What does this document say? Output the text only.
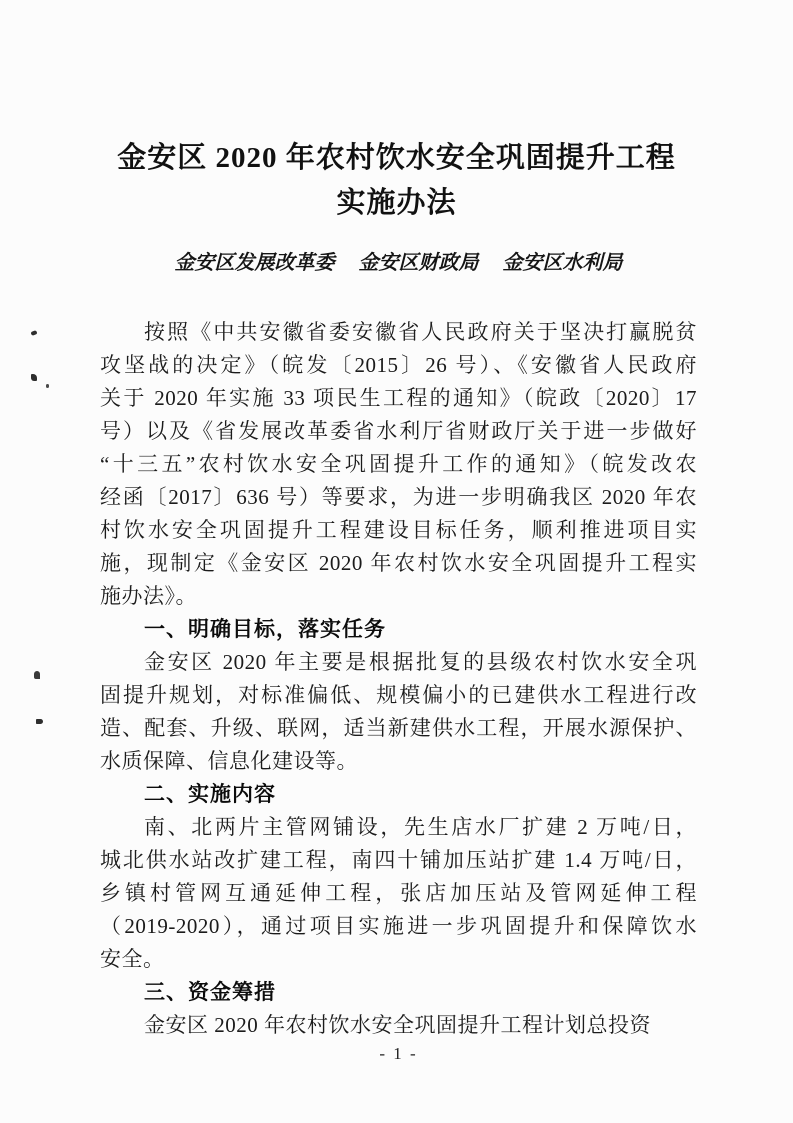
金安区 2020 年农村饮水安全巩固提升工程
实施办法
金安区发展改革委 金安区财政局 金安区水利局
按照《中共安徽省委安徽省人民政府关于坚决打赢脱贫
攻坚战的决定》（皖发〔2015〕26 号）、《安徽省人民政府
关于 2020 年实施 33 项民生工程的通知》（皖政〔2020〕17
号）以及《省发展改革委省水利厅省财政厅关于进一步做好
“十三五”农村饮水安全巩固提升工作的通知》（皖发改农
经函〔2017〕636 号）等要求，为进一步明确我区 2020 年农
村饮水安全巩固提升工程建设目标任务，顺利推进项目实
施，现制定《金安区 2020 年农村饮水安全巩固提升工程实
施办法》。
一、明确目标，落实任务
金安区 2020 年主要是根据批复的县级农村饮水安全巩
固提升规划，对标准偏低、规模偏小的已建供水工程进行改
造、配套、升级、联网，适当新建供水工程，开展水源保护、
水质保障、信息化建设等。
二、实施内容
南、北两片主管网铺设，先生店水厂扩建 2 万吨/日，
城北供水站改扩建工程，南四十铺加压站扩建 1.4 万吨/日，
乡镇村管网互通延伸工程，张店加压站及管网延伸工程
（2019-2020），通过项目实施进一步巩固提升和保障饮水
安全。
三、资金筹措
金安区 2020 年农村饮水安全巩固提升工程计划总投资
- 1 -
